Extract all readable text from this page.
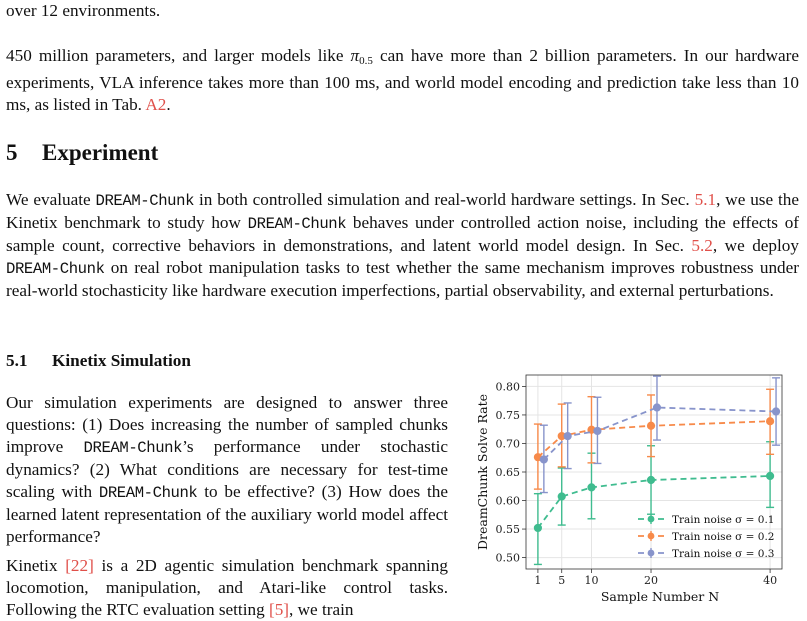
over 12 environments.

450 million parameters, and larger models like $\pi_{0.5}$ can have more than 2 billion parameters. In our hardware experiments, VLA inference takes more than 100 ms, and world model encoding and prediction take less than 10 ms, as listed in Tab. A2.

5 Experiment

We evaluate DREAM-Chunk in both controlled simulation and real-world hardware settings. In Sec. 5.1, we use the Kinetix benchmark to study how DREAM-Chunk behaves under controlled action noise, including the effects of sample count, corrective behaviors in demonstrations, and latent world model design. In Sec. 5.2, we deploy DREAM-Chunk on real robot manipulation tasks to test whether the same mechanism improves robustness under real-world stochasticity like hardware execution imperfections, partial observability, and external perturbations.

5.1 Kinetix Simulation

Our simulation experiments are designed to answer three questions: (1) Does increasing the number of sampled chunks improve DREAM-Chunk’s performance under stochastic dynamics? (2) What conditions are necessary for test-time scaling with DREAM-Chunk to be effective? (3) How does the learned latent representation of the auxiliary world model affect performance?

Kinetix [22] is a 2D agentic simulation benchmark spanning locomotion, manipulation, and Atari-like control tasks. Following the RTC evaluation setting [5], we train

0.50
0.55
0.60
0.65
0.70
0.75
0.80
1 5 10	20	40
Sample Number N
DreamChunk Solve Rate	Train noise σ = 0.1
Train noise σ = 0.2
Train noise σ = 0.3
